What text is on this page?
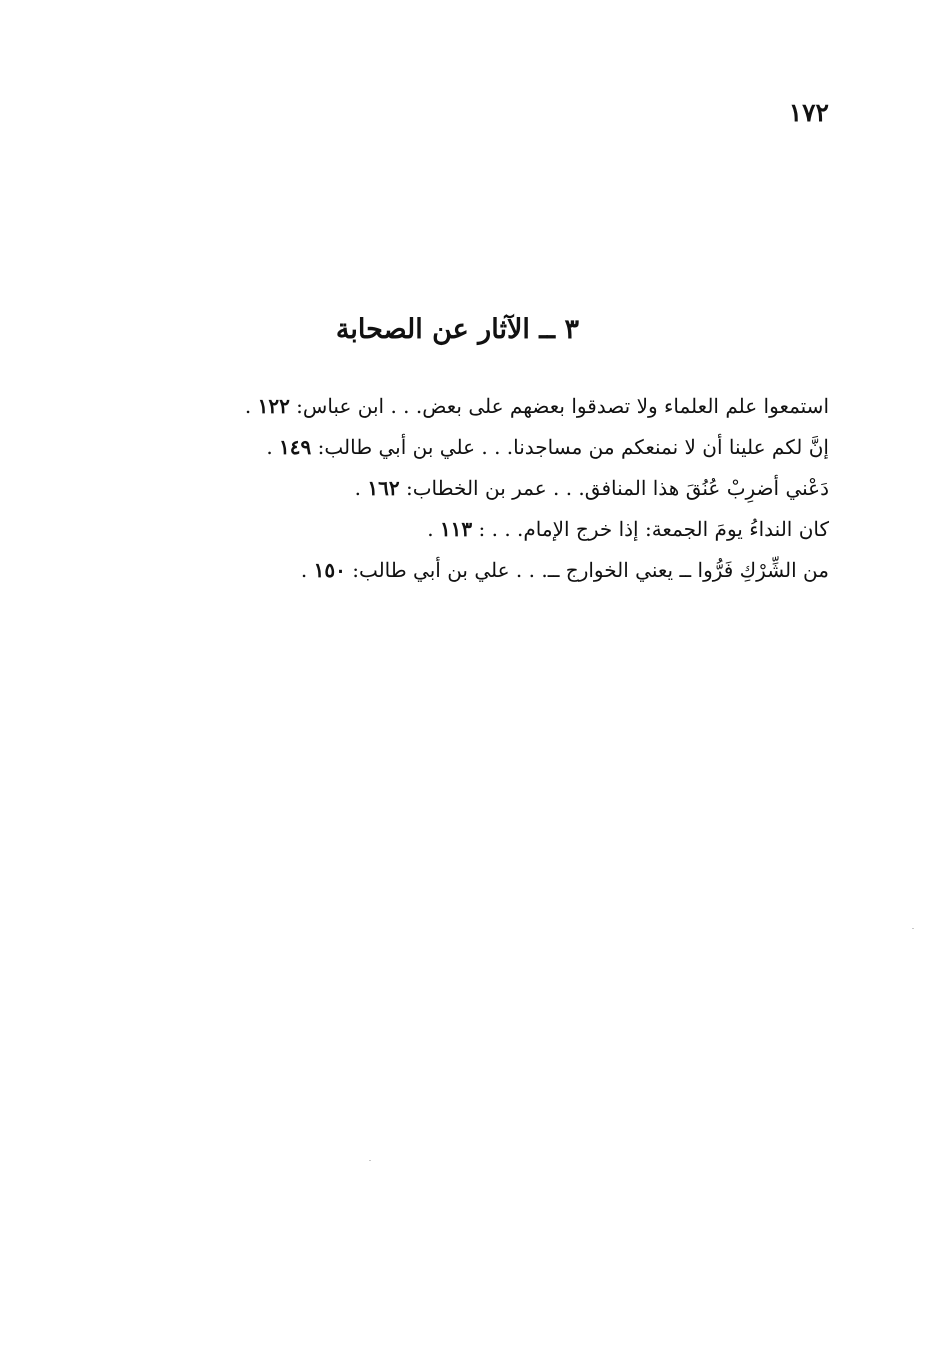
١٧٢
٣ ــ الآثار عن الصحابة
استمعوا علم العلماء ولا تصدقوا بعضهم على بعض. . . ابن عباس: ١٢٢ .
إنَّ لكم علينا أن لا نمنعكم من مساجدنا. . . علي بن أبي طالب: ١٤٩ .
دَعْني أضرِبْ عُنُقَ هذا المنافق. . . عمر بن الخطاب: ١٦٢ .
كان النداءُ يومَ الجمعة: إذا خرج الإمام. . . : ١١٣ .
من الشِّرْكِ فَرُّوا ــ يعني الخوارج ــ. . . علي بن أبي طالب: ١٥٠ .
